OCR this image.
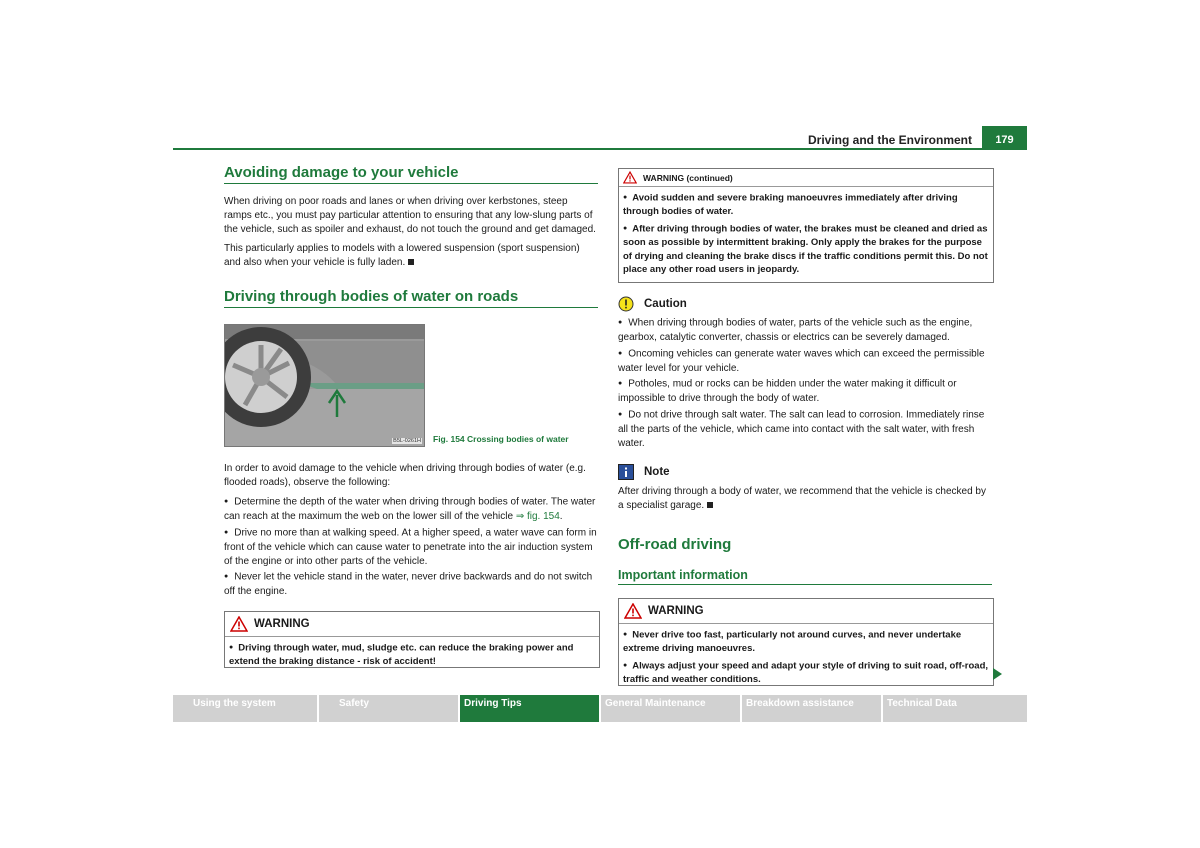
Driving and the Environment	179
Avoiding damage to your vehicle
When driving on poor roads and lanes or when driving over kerbstones, steep ramps etc., you must pay particular attention to ensuring that any low-slung parts of the vehicle, such as spoiler and exhaust, do not touch the ground and get damaged.
This particularly applies to models with a lowered suspension (sport suspension) and also when your vehicle is fully laden.
Driving through bodies of water on roads
B5L-0261H Fig. 154 Crossing bodies of water
In order to avoid damage to the vehicle when driving through bodies of water (e.g. flooded roads), observe the following:
● Determine the depth of the water when driving through bodies of water. The water can reach at the maximum the web on the lower sill of the vehicle ⇒ fig. 154.
● Drive no more than at walking speed. At a higher speed, a water wave can form in front of the vehicle which can cause water to penetrate into the air induction system of the engine or into other parts of the vehicle.
● Never let the vehicle stand in the water, never drive backwards and do not switch off the engine.
WARNING
● Driving through water, mud, sludge etc. can reduce the braking power and extend the braking distance - risk of accident!
WARNING (continued)
● Avoid sudden and severe braking manoeuvres immediately after driving through bodies of water.
● After driving through bodies of water, the brakes must be cleaned and dried as soon as possible by intermittent braking. Only apply the brakes for the purpose of drying and cleaning the brake discs if the traffic conditions permit this. Do not place any other road users in jeopardy.
Caution
● When driving through bodies of water, parts of the vehicle such as the engine, gearbox, catalytic converter, chassis or electrics can be severely damaged.
● Oncoming vehicles can generate water waves which can exceed the permissible water level for your vehicle.
● Potholes, mud or rocks can be hidden under the water making it difficult or impossible to drive through the body of water.
● Do not drive through salt water. The salt can lead to corrosion. Immediately rinse all the parts of the vehicle, which came into contact with the salt water, with fresh water.
Note
After driving through a body of water, we recommend that the vehicle is checked by a specialist garage.
Off-road driving
Important information
WARNING
● Never drive too fast, particularly not around curves, and never undertake extreme driving manoeuvres.
● Always adjust your speed and adapt your style of driving to suit road, off-road, traffic and weather conditions.
Using the system	Safety	Driving Tips	General Maintenance	Breakdown assistance	Technical Data
